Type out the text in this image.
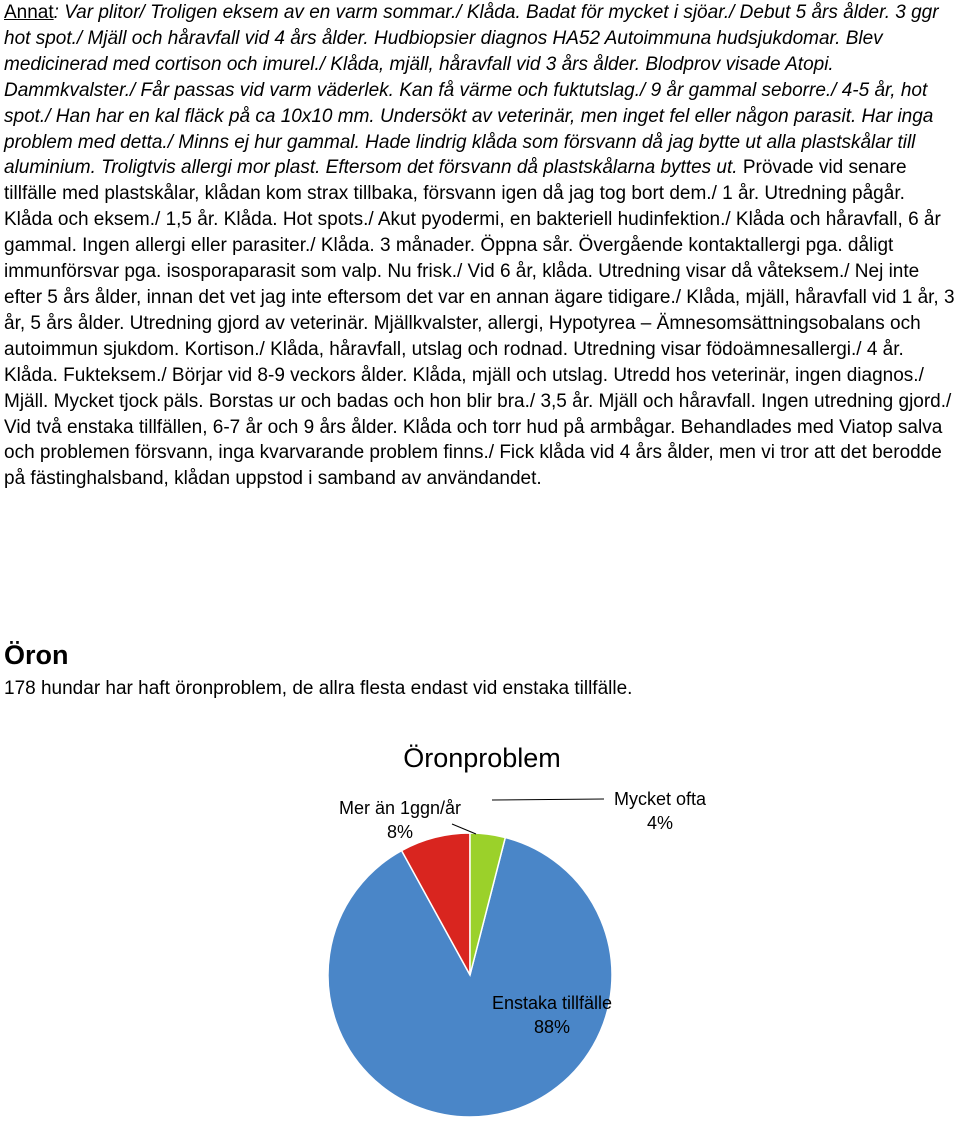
Annat: Var plitor/ Troligen eksem av en varm sommar./ Klåda. Badat för mycket i sjöar./ Debut 5 års ålder. 3 ggr hot spot./ Mjäll och håravfall vid 4 års ålder. Hudbiopsier diagnos HA52 Autoimmuna hudsjukdomar. Blev medicinerad med cortison och imurel./ Klåda, mjäll, håravfall vid 3 års ålder. Blodprov visade Atopi. Dammkvalster./ Får passas vid varm väderlek. Kan få värme och fuktutslag./ 9 år gammal seborre./ 4-5 år, hot spot./ Han har en kal fläck på ca 10x10 mm. Undersökt av veterinär, men inget fel eller någon parasit. Har inga problem med detta./ Minns ej hur gammal. Hade lindrig klåda som försvann då jag bytte ut alla plastskålar till aluminium. Troligtvis allergi mor plast. Eftersom det försvann då plastskålarna byttes ut. Prövade vid senare tillfälle med plastskålar, klådan kom strax tillbaka, försvann igen då jag tog bort dem./ 1 år. Utredning pågår. Klåda och eksem./ 1,5 år. Klåda. Hot spots./ Akut pyodermi, en bakteriell hudinfektion./ Klåda och håravfall, 6 år gammal. Ingen allergi eller parasiter./ Klåda. 3 månader. Öppna sår. Övergående kontaktallergi pga. dåligt immunförsvar pga. isosporaparasit som valp. Nu frisk./ Vid 6 år, klåda. Utredning visar då våteksem./ Nej inte efter 5 års ålder, innan det vet jag inte eftersom det var en annan ägare tidigare./ Klåda, mjäll, håravfall vid 1 år, 3 år, 5 års ålder. Utredning gjord av veterinär. Mjällkvalster, allergi, Hypotyrea – Ämnesomsättningsobalans och autoimmun sjukdom. Kortison./ Klåda, håravfall, utslag och rodnad. Utredning visar födoämnesallergi./ 4 år. Klåda. Fukteksem./ Börjar vid 8-9 veckors ålder. Klåda, mjäll och utslag. Utredd hos veterinär, ingen diagnos./ Mjäll. Mycket tjock päls. Borstas ur och badas och hon blir bra./ 3,5 år. Mjäll och håravfall. Ingen utredning gjord./ Vid två enstaka tillfällen, 6-7 år och 9 års ålder. Klåda och torr hud på armbågar. Behandlades med Viatop salva och problemen försvann, inga kvarvarande problem finns./ Fick klåda vid 4 års ålder, men vi tror att det berodde på fästinghalsband, klådan uppstod i samband av användandet.

Öron

178 hundar har haft öronproblem, de allra flesta endast vid enstaka tillfälle.

Öronproblem
Enstaka tillfälle
88%
Mer än 1ggn/år
8%
Mycket ofta
4%
